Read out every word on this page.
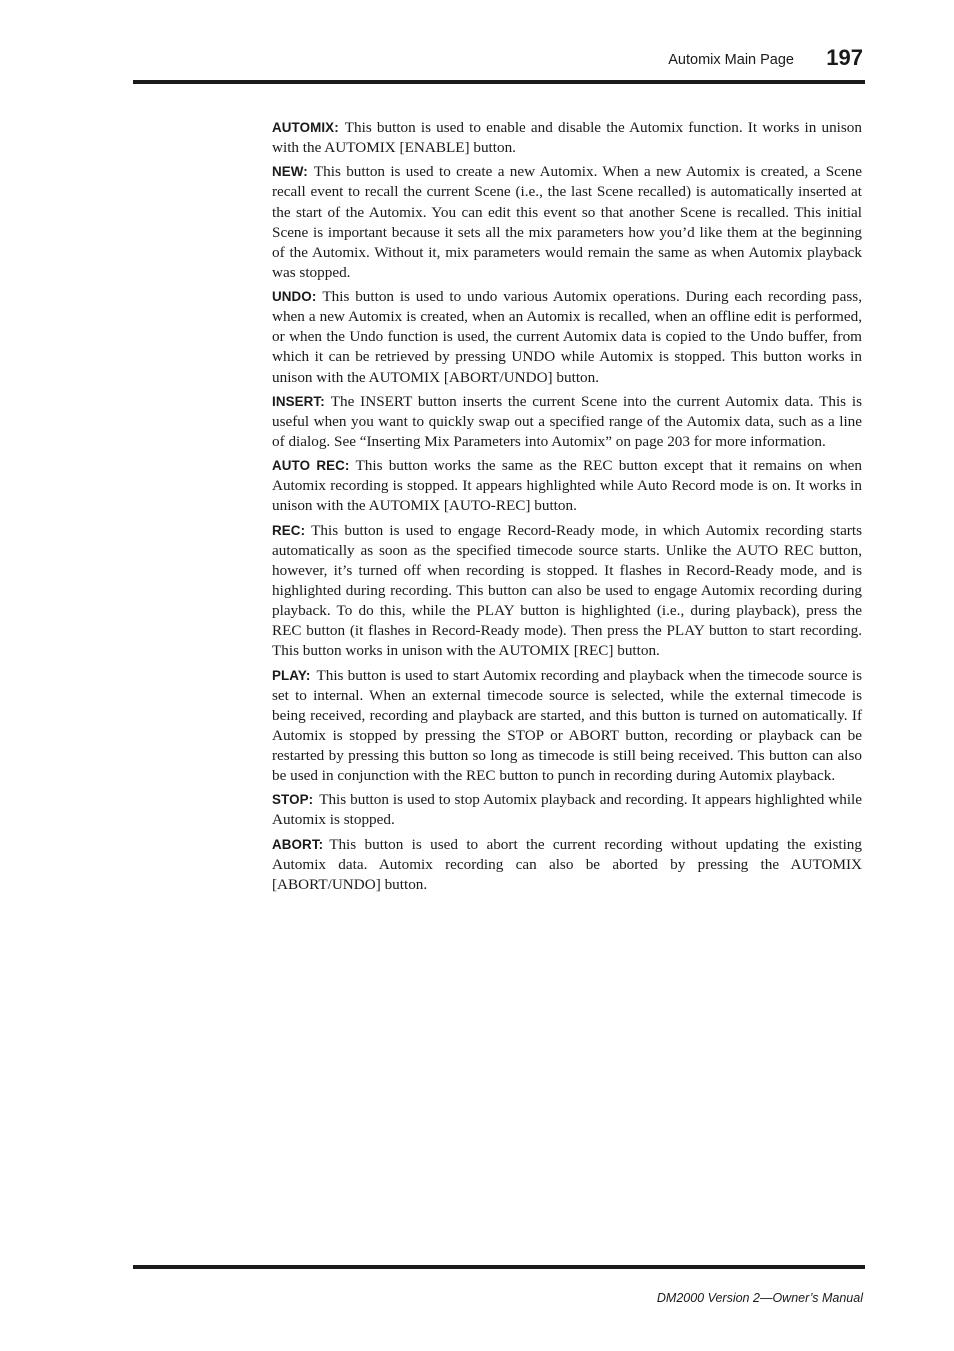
Automix Main Page 197

AUTOMIX: This button is used to enable and disable the Automix function. It works in unison with the AUTOMIX [ENABLE] button.

NEW: This button is used to create a new Automix. When a new Automix is created, a Scene recall event to recall the current Scene (i.e., the last Scene recalled) is automatically inserted at the start of the Automix. You can edit this event so that another Scene is recalled. This initial Scene is important because it sets all the mix parameters how you’d like them at the beginning of the Automix. Without it, mix parameters would remain the same as when Automix playback was stopped.

UNDO: This button is used to undo various Automix operations. During each recording pass, when a new Automix is created, when an Automix is recalled, when an offline edit is performed, or when the Undo function is used, the current Automix data is copied to the Undo buffer, from which it can be retrieved by pressing UNDO while Automix is stopped. This button works in unison with the AUTOMIX [ABORT/UNDO] button.

INSERT: The INSERT button inserts the current Scene into the current Automix data. This is useful when you want to quickly swap out a specified range of the Automix data, such as a line of dialog. See “Inserting Mix Parameters into Automix” on page 203 for more information.

AUTO REC: This button works the same as the REC button except that it remains on when Automix recording is stopped. It appears highlighted while Auto Record mode is on. It works in unison with the AUTOMIX [AUTO-REC] button.

REC: This button is used to engage Record-Ready mode, in which Automix recording starts automatically as soon as the specified timecode source starts. Unlike the AUTO REC button, however, it’s turned off when recording is stopped. It flashes in Record-Ready mode, and is highlighted during recording. This button can also be used to engage Automix recording during playback. To do this, while the PLAY button is highlighted (i.e., during playback), press the REC button (it flashes in Record-Ready mode). Then press the PLAY button to start recording. This button works in unison with the AUTOMIX [REC] button.

PLAY: This button is used to start Automix recording and playback when the timecode source is set to internal. When an external timecode source is selected, while the external timecode is being received, recording and playback are started, and this button is turned on automatically. If Automix is stopped by pressing the STOP or ABORT button, recording or playback can be restarted by pressing this button so long as timecode is still being received. This button can also be used in conjunction with the REC button to punch in recording during Automix playback.

STOP: This button is used to stop Automix playback and recording. It appears highlighted while Automix is stopped.

ABORT: This button is used to abort the current recording without updating the existing Automix data. Automix recording can also be aborted by pressing the AUTOMIX [ABORT/UNDO] button.

DM2000 Version 2—Owner’s Manual
